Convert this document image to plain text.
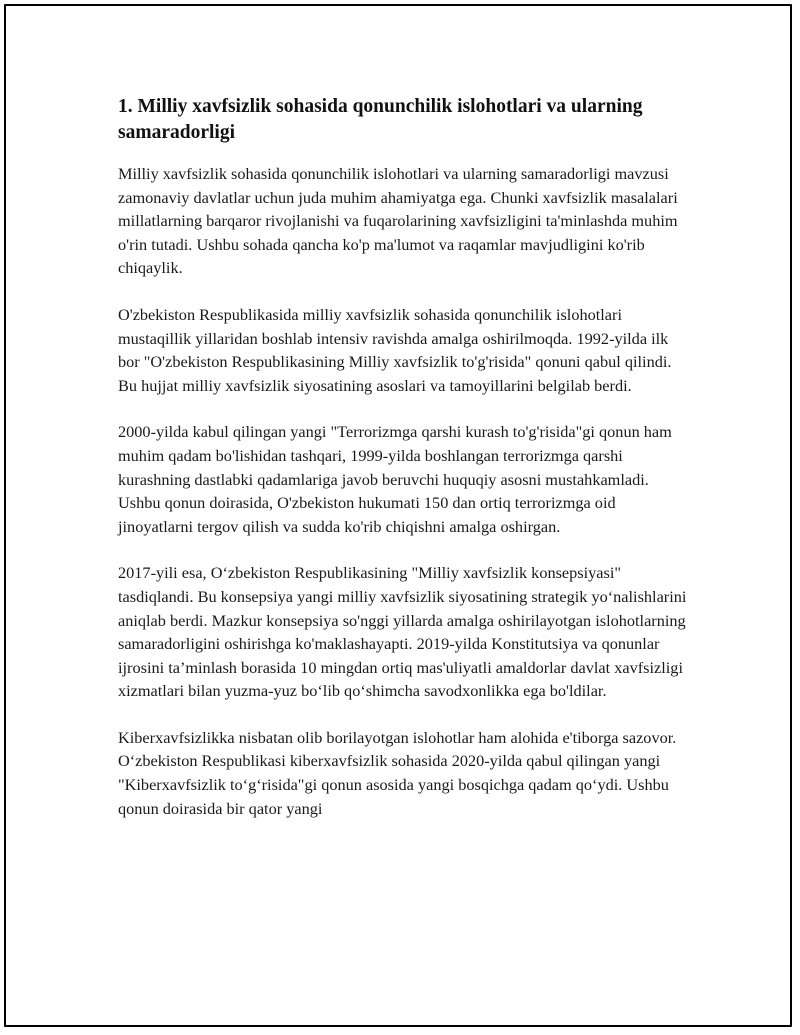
1. Milliy xavfsizlik sohasida qonunchilik islohotlari va ularning samaradorligi

Milliy xavfsizlik sohasida qonunchilik islohotlari va ularning samaradorligi mavzusi zamonaviy davlatlar uchun juda muhim ahamiyatga ega. Chunki xavfsizlik masalalari millatlarning barqaror rivojlanishi va fuqarolarining xavfsizligini ta'minlashda muhim o'rin tutadi. Ushbu sohada qancha ko'p ma'lumot va raqamlar mavjudligini ko'rib chiqaylik.

O'zbekiston Respublikasida milliy xavfsizlik sohasida qonunchilik islohotlari mustaqillik yillaridan boshlab intensiv ravishda amalga oshirilmoqda. 1992-yilda ilk bor "O'zbekiston Respublikasining Milliy xavfsizlik to'g'risida" qonuni qabul qilindi. Bu hujjat milliy xavfsizlik siyosatining asoslari va tamoyillarini belgilab berdi.

2000-yilda kabul qilingan yangi "Terrorizmga qarshi kurash to'g'risida"gi qonun ham muhim qadam bo'lishidan tashqari, 1999-yilda boshlangan terrorizmga qarshi kurashning dastlabki qadamlariga javob beruvchi huquqiy asosni mustahkamladi. Ushbu qonun doirasida, O'zbekiston hukumati 150 dan ortiq terrorizmga oid jinoyatlarni tergov qilish va sudda ko'rib chiqishni amalga oshirgan.

2017-yili esa, Oʻzbekiston Respublikasining "Milliy xavfsizlik konsepsiyasi" tasdiqlandi. Bu konsepsiya yangi milliy xavfsizlik siyosatining strategik yoʻnalishlarini aniqlab berdi. Mazkur konsepsiya so'nggi yillarda amalga oshirilayotgan islohotlarning samaradorligini oshirishga ko'maklashayapti. 2019-yilda Konstitutsiya va qonunlar ijrosini ta’minlash borasida 10 mingdan ortiq mas'uliyatli amaldorlar davlat xavfsizligi xizmatlari bilan yuzma-yuz boʻlib qoʻshimcha savodxonlikka ega bo'ldilar.

Kiberxavfsizlikka nisbatan olib borilayotgan islohotlar ham alohida e'tiborga sazovor. Oʻzbekiston Respublikasi kiberxavfsizlik sohasida 2020-yilda qabul qilingan yangi "Kiberxavfsizlik toʻgʻrisida"gi qonun asosida yangi bosqichga qadam qoʻydi. Ushbu qonun doirasida bir qator yangi
